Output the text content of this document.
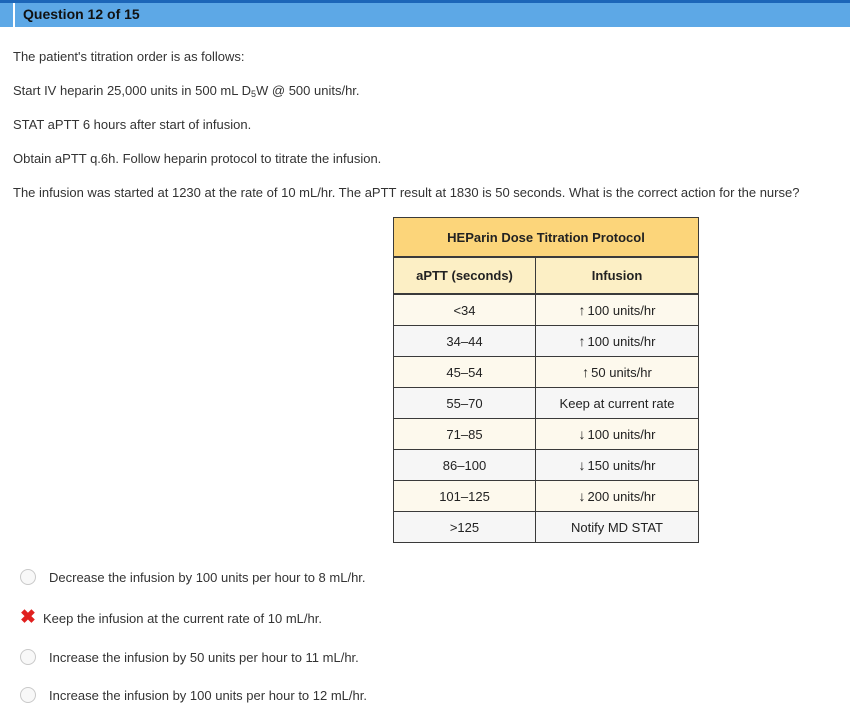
Question 12 of 15
The patient's titration order is as follows:
Start IV heparin 25,000 units in 500 mL $D_5W$ @ 500 units/hr.
STAT aPTT 6 hours after start of infusion.
Obtain aPTT q.6h. Follow heparin protocol to titrate the infusion.
The infusion was started at 1230 at the rate of 10 mL/hr. The aPTT result at 1830 is 50 seconds. What is the correct action for the nurse?
HEParin Dose Titration Protocol	
aPTT (seconds)	Infusion
<34	↑ 100 units/hr
34–44	↑ 100 units/hr
45–54	↑ 50 units/hr
55–70	Keep at current rate
71–85	↓ 100 units/hr
86–100	↓ 150 units/hr
101–125	↓ 200 units/hr
>125	Notify MD STAT
Decrease the infusion by 100 units per hour to 8 mL/hr.
✖ Keep the infusion at the current rate of 10 mL/hr.
Increase the infusion by 50 units per hour to 11 mL/hr.
Increase the infusion by 100 units per hour to 12 mL/hr.
